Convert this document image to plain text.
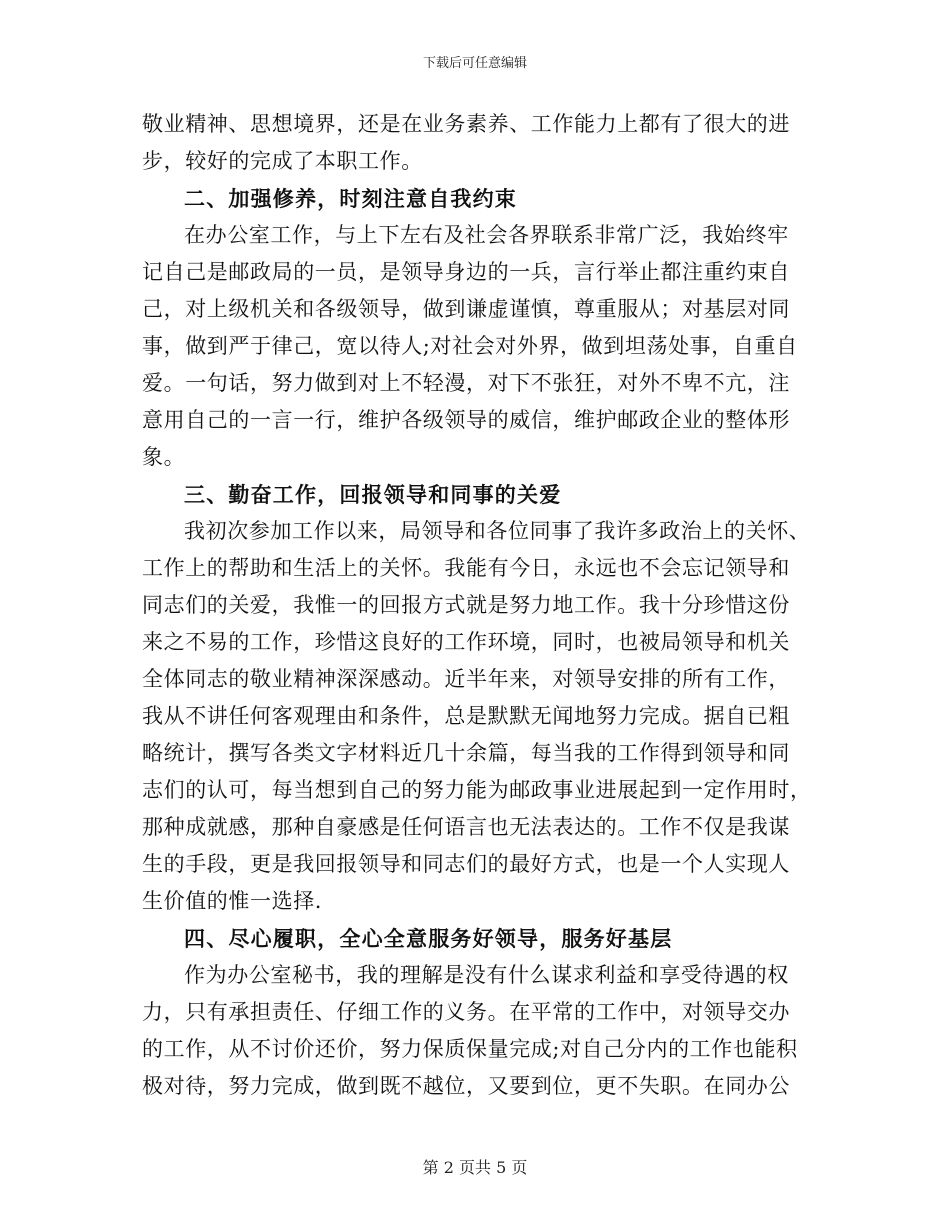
下载后可任意编辑
敬业精神、思想境界，还是在业务素养、工作能力上都有了很大的进
步，较好的完成了本职工作。
二、加强修养，时刻注意自我约束
在办公室工作，与上下左右及社会各界联系非常广泛，我始终牢
记自己是邮政局的一员，是领导身边的一兵，言行举止都注重约束自
己，对上级机关和各级领导，做到谦虚谨慎，尊重服从；对基层对同
事，做到严于律己，宽以待人;对社会对外界，做到坦荡处事，自重自
爱。一句话，努力做到对上不轻漫，对下不张狂，对外不卑不亢，注
意用自己的一言一行，维护各级领导的威信，维护邮政企业的整体形
象。
三、勤奋工作，回报领导和同事的关爱
我初次参加工作以来，局领导和各位同事了我许多政治上的关怀、
工作上的帮助和生活上的关怀。我能有今日，永远也不会忘记领导和
同志们的关爱，我惟一的回报方式就是努力地工作。我十分珍惜这份
来之不易的工作，珍惜这良好的工作环境，同时，也被局领导和机关
全体同志的敬业精神深深感动。近半年来，对领导安排的所有工作，
我从不讲任何客观理由和条件，总是默默无闻地努力完成。据自已粗
略统计，撰写各类文字材料近几十余篇，每当我的工作得到领导和同
志们的认可，每当想到自己的努力能为邮政事业进展起到一定作用时，
那种成就感，那种自豪感是任何语言也无法表达的。工作不仅是我谋
生的手段，更是我回报领导和同志们的最好方式，也是一个人实现人
生价值的惟一选择.
四、尽心履职，全心全意服务好领导，服务好基层
作为办公室秘书，我的理解是没有什么谋求利益和享受待遇的权
力，只有承担责任、仔细工作的义务。在平常的工作中，对领导交办
的工作，从不讨价还价，努力保质保量完成;对自己分内的工作也能积
极对待，努力完成，做到既不越位，又要到位，更不失职。在同办公
第 2 页共 5 页
